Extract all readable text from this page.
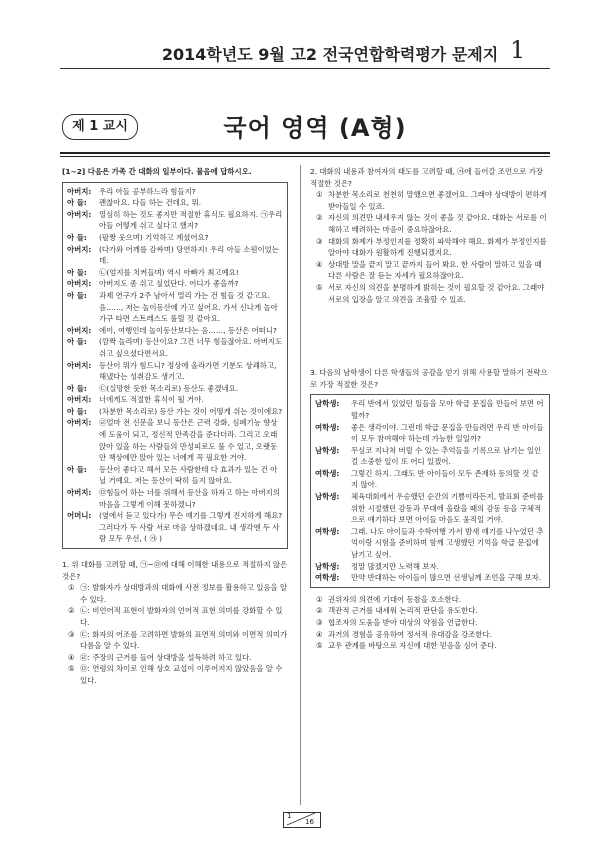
2014학년도 9월 고2 전국연합학력평가 문제지 1
제 1 교시	국어 영역 (A형)
[1~2] 다음은 가족 간 대화의 일부이다. 물음에 답하시오.
아버지:	우리 아들 공부하느라 힘들지?
아 들:	괜찮아요. 다들 하는 건데요, 뭐.
아버지:	열심히 하는 것도 좋지만 적절한 휴식도 필요하지. ㉠우리 아들 어떻게 쉬고 싶다고 했지?
아 들:	(팔짱 웃으며) 기억하고 계셨어요?
아버지:	(다가와 어깨를 감싸며) 당연하지! 우리 아들 소원이었는데.
아 들:	㉡(엄지를 치켜들며) 역시 아빠가 최고예요!
아버지:	아버지도 좀 쉬고 싶었단다. 어디가 좋을까?
아 들:	과제 연구가 2주 남아서 멀리 가는 건 힘들 것 같고요. 음……, 저는 놀이동산에 가고 싶어요. 가서 신나게 놀아 가구 타면 스트레스도 풀릴 것 같아요.
아버지:	에이, 여행인데 놀이동산보다는 음……, 등산은 어떠니?
아 들:	(깜짝 놀라며) 등산이요? 그건 너무 힘들잖아요. 아버지도 쉬고 싶으셨다면서요.
아버지:	등산이 뭐가 힘드니? 정상에 올라가면 기분도 상쾌하고, 해냈다는 성취감도 생기고.
아 들:	㉢(실망한 듯한 목소리로) 등산도 좋겠네요.
아버지:	너에게도 적절한 휴식이 될 거야.
아 들:	(차분한 목소리로) 등산 가는 것이 어떻게 쉬는 것이에요?
아버지:	㉣얼마 전 신문을 보니 등산은 근력 강화, 심폐기능 향상에 도움이 되고, 정신적 만족감을 준다더라. 그리고 오래 앉아 있을 하는 사람들의 만성피로도 풀 수 있고, 오랫동안 책상에만 앉아 있는 너에게 꼭 필요한 거야.
아 들:	등산이 좋다고 해서 모든 사람한테 다 효과가 있는 건 아닐 거예요. 저는 등산이 딱히 들지 않아요.
아버지:	㉤힘들어 하는 너를 위해서 등산을 하자고 하는 아버지의 마음을 그렇게 이해 못하겠니?
어머니:	(옆에서 듣고 있다가) 무슨 얘기를 그렇게 진지하게 해요? 그러다가 두 사람 서로 마음 상하겠네요. 내 생각엔 두 사람 모두 우선, ( ㉮ )
1. 위 대화를 고려할 때, ㉠~㉤에 대해 이해한 내용으로 적절하지 않은 것은?
① ㉠: 발화자가 상대방과의 대화에 사전 정보를 활용하고 있음을 알 수 있다.
② ㉡: 비언어적 표현이 발화자의 언어적 표현 의미를 강화할 수 있다.
③ ㉢: 화자의 어조를 고려하면 발화의 표면적 의미와 이면적 의미가 다름을 알 수 있다.
④ ㉣: 주장의 근거를 들어 상대방을 설득하려 하고 있다.
⑤ ㉤: 연령의 차이로 인해 상호 교섭이 이루어지지 않았음을 알 수 있다.
2. 대화의 내용과 참여자의 태도를 고려할 때, ㉮에 들어갈 조언으로 가장 적절한 것은?
① 차분한 목소리로 천천히 말했으면 좋겠어요. 그래야 상대방이 편하게 받아들일 수 있죠.
② 자신의 의견만 내세우지 않는 것이 좋을 것 같아요. 대화는 서로를 이해하고 배려하는 마음이 중요하잖아요.
③ 대화의 화제가 부정인지를 정확히 파악해야 해요. 화제가 부정인지를 알아야 대화가 원활하게 진행되겠지요.
④ 상대방 말을 끝지 말고 끝까지 들어 봐요. 한 사람이 말하고 있을 때 다른 사람은 잘 듣는 자세가 필요하잖아요.
⑤ 서로 자신의 의견을 분명하게 밝히는 것이 필요할 것 같아요. 그래야 서로의 입장을 알고 의견을 조율할 수 있죠.
3. 다음의 남학생이 다른 학생들의 공감을 얻기 위해 사용할 말하기 전략으로 가장 적절한 것은?
남학생:	우리 반에서 있었던 일들을 모아 학급 문집을 만들어 보면 어떨까?
여학생:	좋은 생각이야. 그런데 학급 문집을 만들려면 우리 반 아이들이 모두 참여해야 하는데 가능한 일일까?
남학생:	무심코 지나쳐 버릴 수 있는 추억들을 기록으로 남기는 일인걸 소중한 일이 또 어디 있겠어.
여학생:	그렇긴 하지. 그래도 반 아이들이 모두 존재하 동의할 것 같지 않아.
남학생:	체육대회에서 우승했던 순간의 기쁨이라든지, 발표회 준비를 위한 시절했던 감동과 무대에 올랐을 때의 감동 등을 구체적으로 얘기하다 보면 아이들 마음도 움직일 거야.
여학생:	그래. 나도 아이들과 수학여행 가서 밤새 얘기를 나누었던 추억이랑 시험을 준비하며 함께 고생했던 기억을 학급 문집에 남기고 싶어.
남학생:	정말 많겠지만 노력해 보자.
여학생:	만약 반대하는 아이들이 많으면 선생님께 조언을 구해 보자.
① 권위자의 의견에 기대어 동참을 호소한다.
② 객관적 근거를 내세워 논리적 판단을 유도한다.
③ 협조자의 도움을 받아 대상의 약점을 언급한다.
④ 과거의 경험을 공유하여 정서적 유대감을 강조한다.
⑤ 교우 관계를 바탕으로 자신에 대한 믿음을 심어 준다.
1
16
